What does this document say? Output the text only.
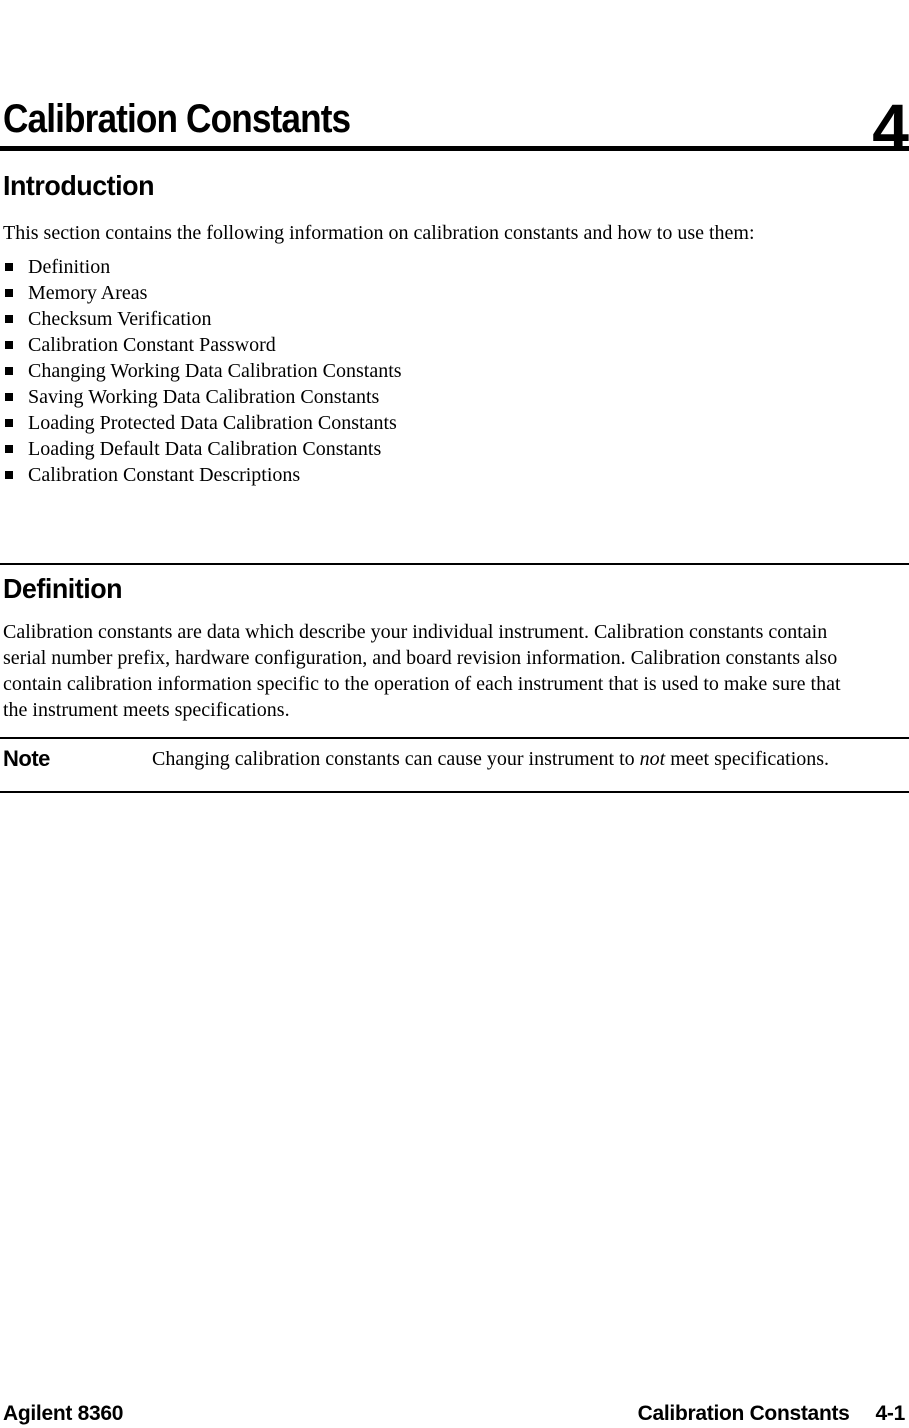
4
Calibration Constants
Introduction

This section contains the following information on calibration constants and how to use them:

Definition
Memory Areas
Checksum Verification
Calibration Constant Password
Changing Working Data Calibration Constants
Saving Working Data Calibration Constants
Loading Protected Data Calibration Constants
Loading Default Data Calibration Constants
Calibration Constant Descriptions
Definition

Calibration constants are data which describe your individual instrument. Calibration constants contain serial number prefix, hardware configuration, and board revision information. Calibration constants also contain calibration information specific to the operation of each instrument that is used to make sure that the instrument meets specifications.

Note	Changing calibration constants can cause your instrument to not meet specifications.

Agilent 8360	Calibration Constants 4-1
